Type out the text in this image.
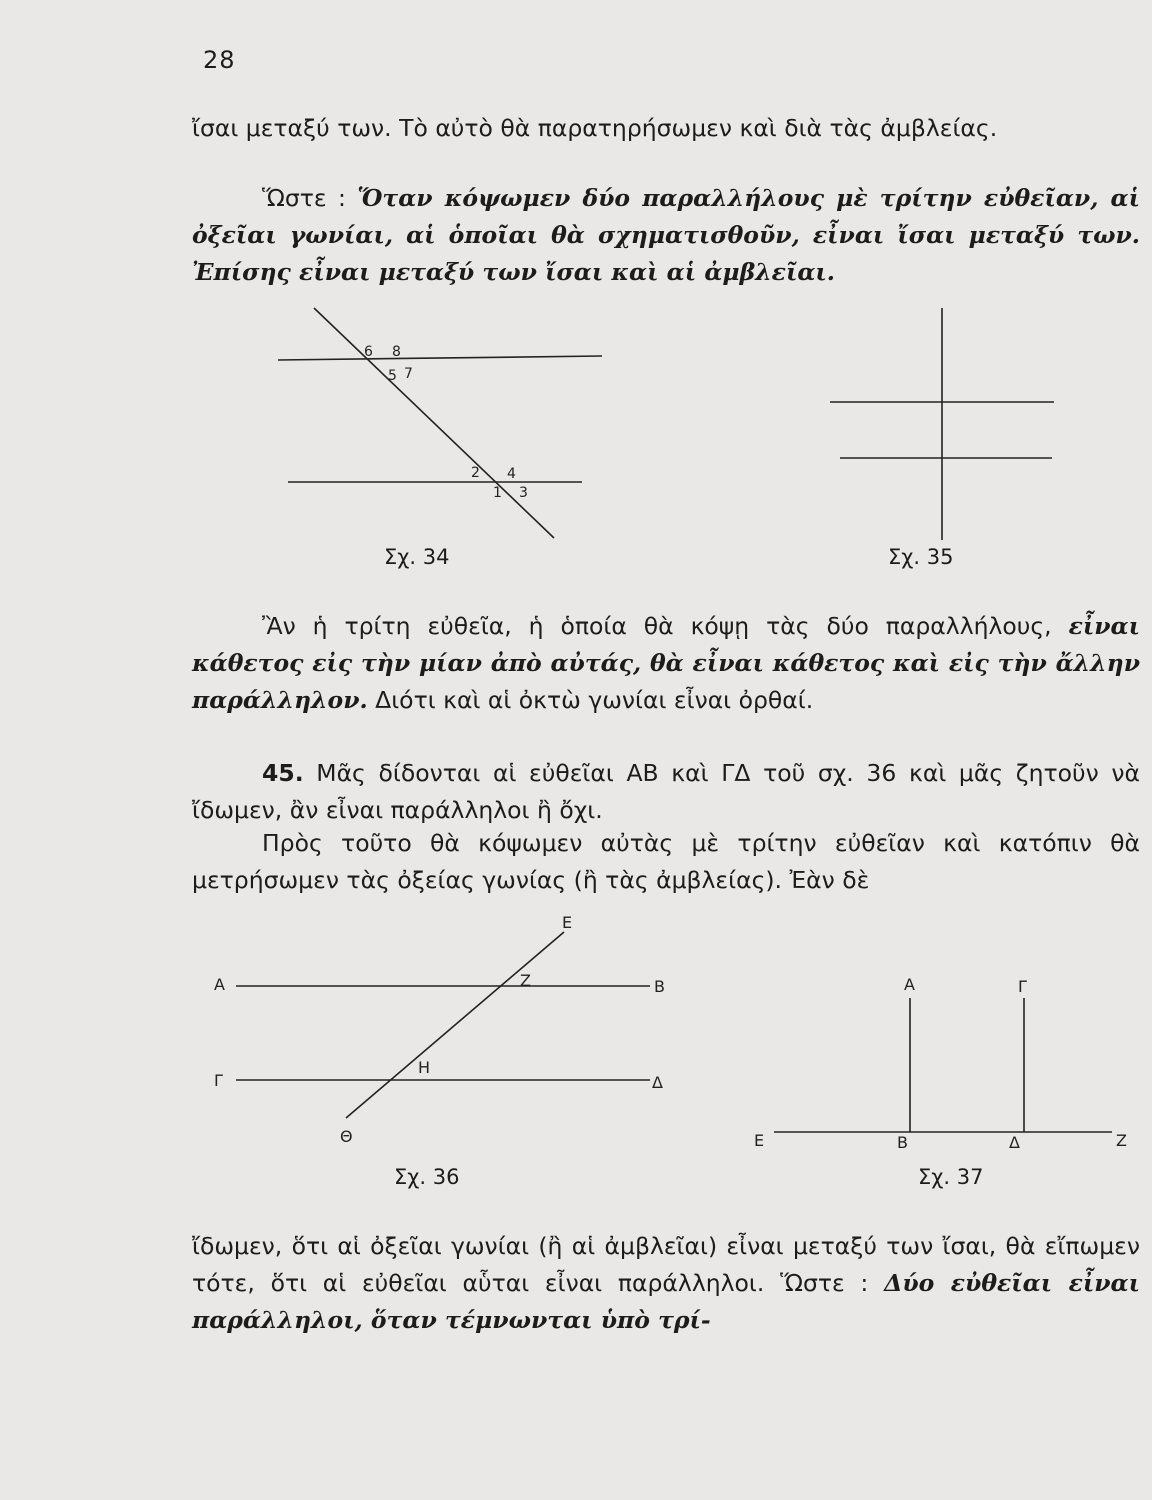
28
ἴσαι μεταξύ των. Τὸ αὐτὸ θὰ παρατηρήσωμεν καὶ διὰ τὰς ἀμβλείας.
Ὥστε : Ὅταν κόψωμεν δύο παραλλήλους μὲ τρίτην εὐθεῖαν, αἱ ὀξεῖαι γωνίαι, αἱ ὁποῖαι θὰ σχηματισθοῦν, εἶναι ἴσαι μεταξύ των. Ἐπίσης εἶναι μεταξύ των ἴσαι καὶ αἱ ἀμβλεῖαι.
6 8
5 7
2 4
1 3
Σχ. 34	Σχ. 35
Ἂν ἡ τρίτη εὐθεῖα, ἡ ὁποία θὰ κόψῃ τὰς δύο παραλλήλους, εἶναι κάθετος εἰς τὴν μίαν ἀπὸ αὐτάς, θὰ εἶναι κάθετος καὶ εἰς τὴν ἄλλην παράλληλον. Διότι καὶ αἱ ὀκτὼ γωνίαι εἶναι ὀρθαί.
45. Μᾶς δίδονται αἱ εὐθεῖαι ΑΒ καὶ ΓΔ τοῦ σχ. 36 καὶ μᾶς ζητοῦν νὰ ἴδωμεν, ἂν εἶναι παράλληλοι ἢ ὄχι.
Πρὸς τοῦτο θὰ κόψωμεν αὐτὰς μὲ τρίτην εὐθεῖαν καὶ κατόπιν θὰ μετρήσωμεν τὰς ὀξείας γωνίας (ἢ τὰς ἀμβλείας). Ἐὰν δὲ
Α	Β
Γ	Δ
Ε
Ζ
Η
Θ
Σχ. 36
Α	Γ
Ε	Β	Δ	Ζ
Σχ. 37
ἴδωμεν, ὅτι αἱ ὀξεῖαι γωνίαι (ἢ αἱ ἀμβλεῖαι) εἶναι μεταξύ των ἴσαι, θὰ εἴπωμεν τότε, ὅτι αἱ εὐθεῖαι αὗται εἶναι παράλληλοι. Ὥστε : Δύο εὐθεῖαι εἶναι παράλληλοι, ὅταν τέμνωνται ὑπὸ τρί-
